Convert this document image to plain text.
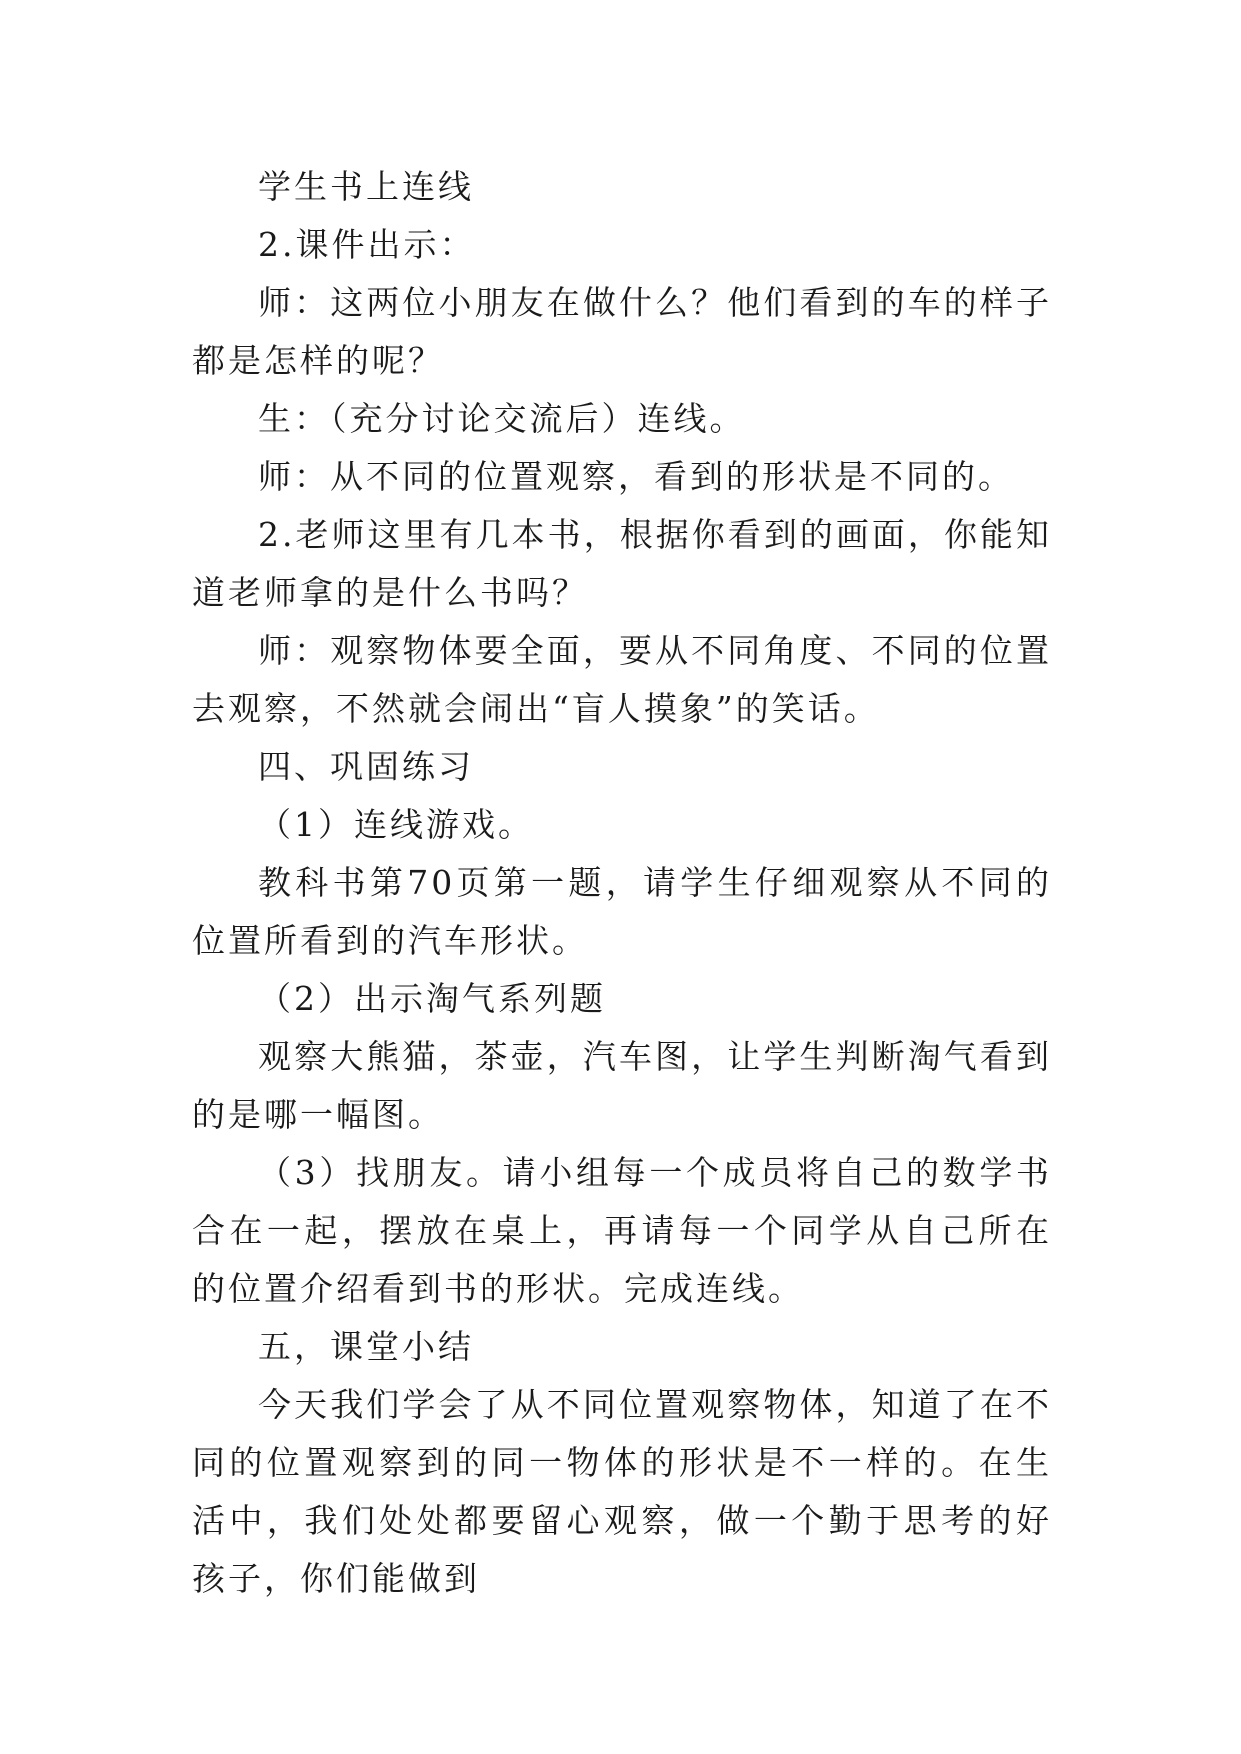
学生书上连线

2.课件出示：

师：这两位小朋友在做什么？他们看到的车的样子都是怎样的呢？

生：（充分讨论交流后）连线。

师：从不同的位置观察，看到的形状是不同的。

2.老师这里有几本书，根据你看到的画面，你能知道老师拿的是什么书吗？

师：观察物体要全面，要从不同角度、不同的位置去观察，不然就会闹出“盲人摸象”的笑话。

四、巩固练习

（1）连线游戏。

教科书第70页第一题，请学生仔细观察从不同的位置所看到的汽车形状。

（2）出示淘气系列题

观察大熊猫，茶壶，汽车图，让学生判断淘气看到的是哪一幅图。

（3）找朋友。请小组每一个成员将自己的数学书合在一起，摆放在桌上，再请每一个同学从自己所在的位置介绍看到书的形状。完成连线。

五，课堂小结

今天我们学会了从不同位置观察物体，知道了在不同的位置观察到的同一物体的形状是不一样的。在生活中，我们处处都要留心观察，做一个勤于思考的好孩子，你们能做到
